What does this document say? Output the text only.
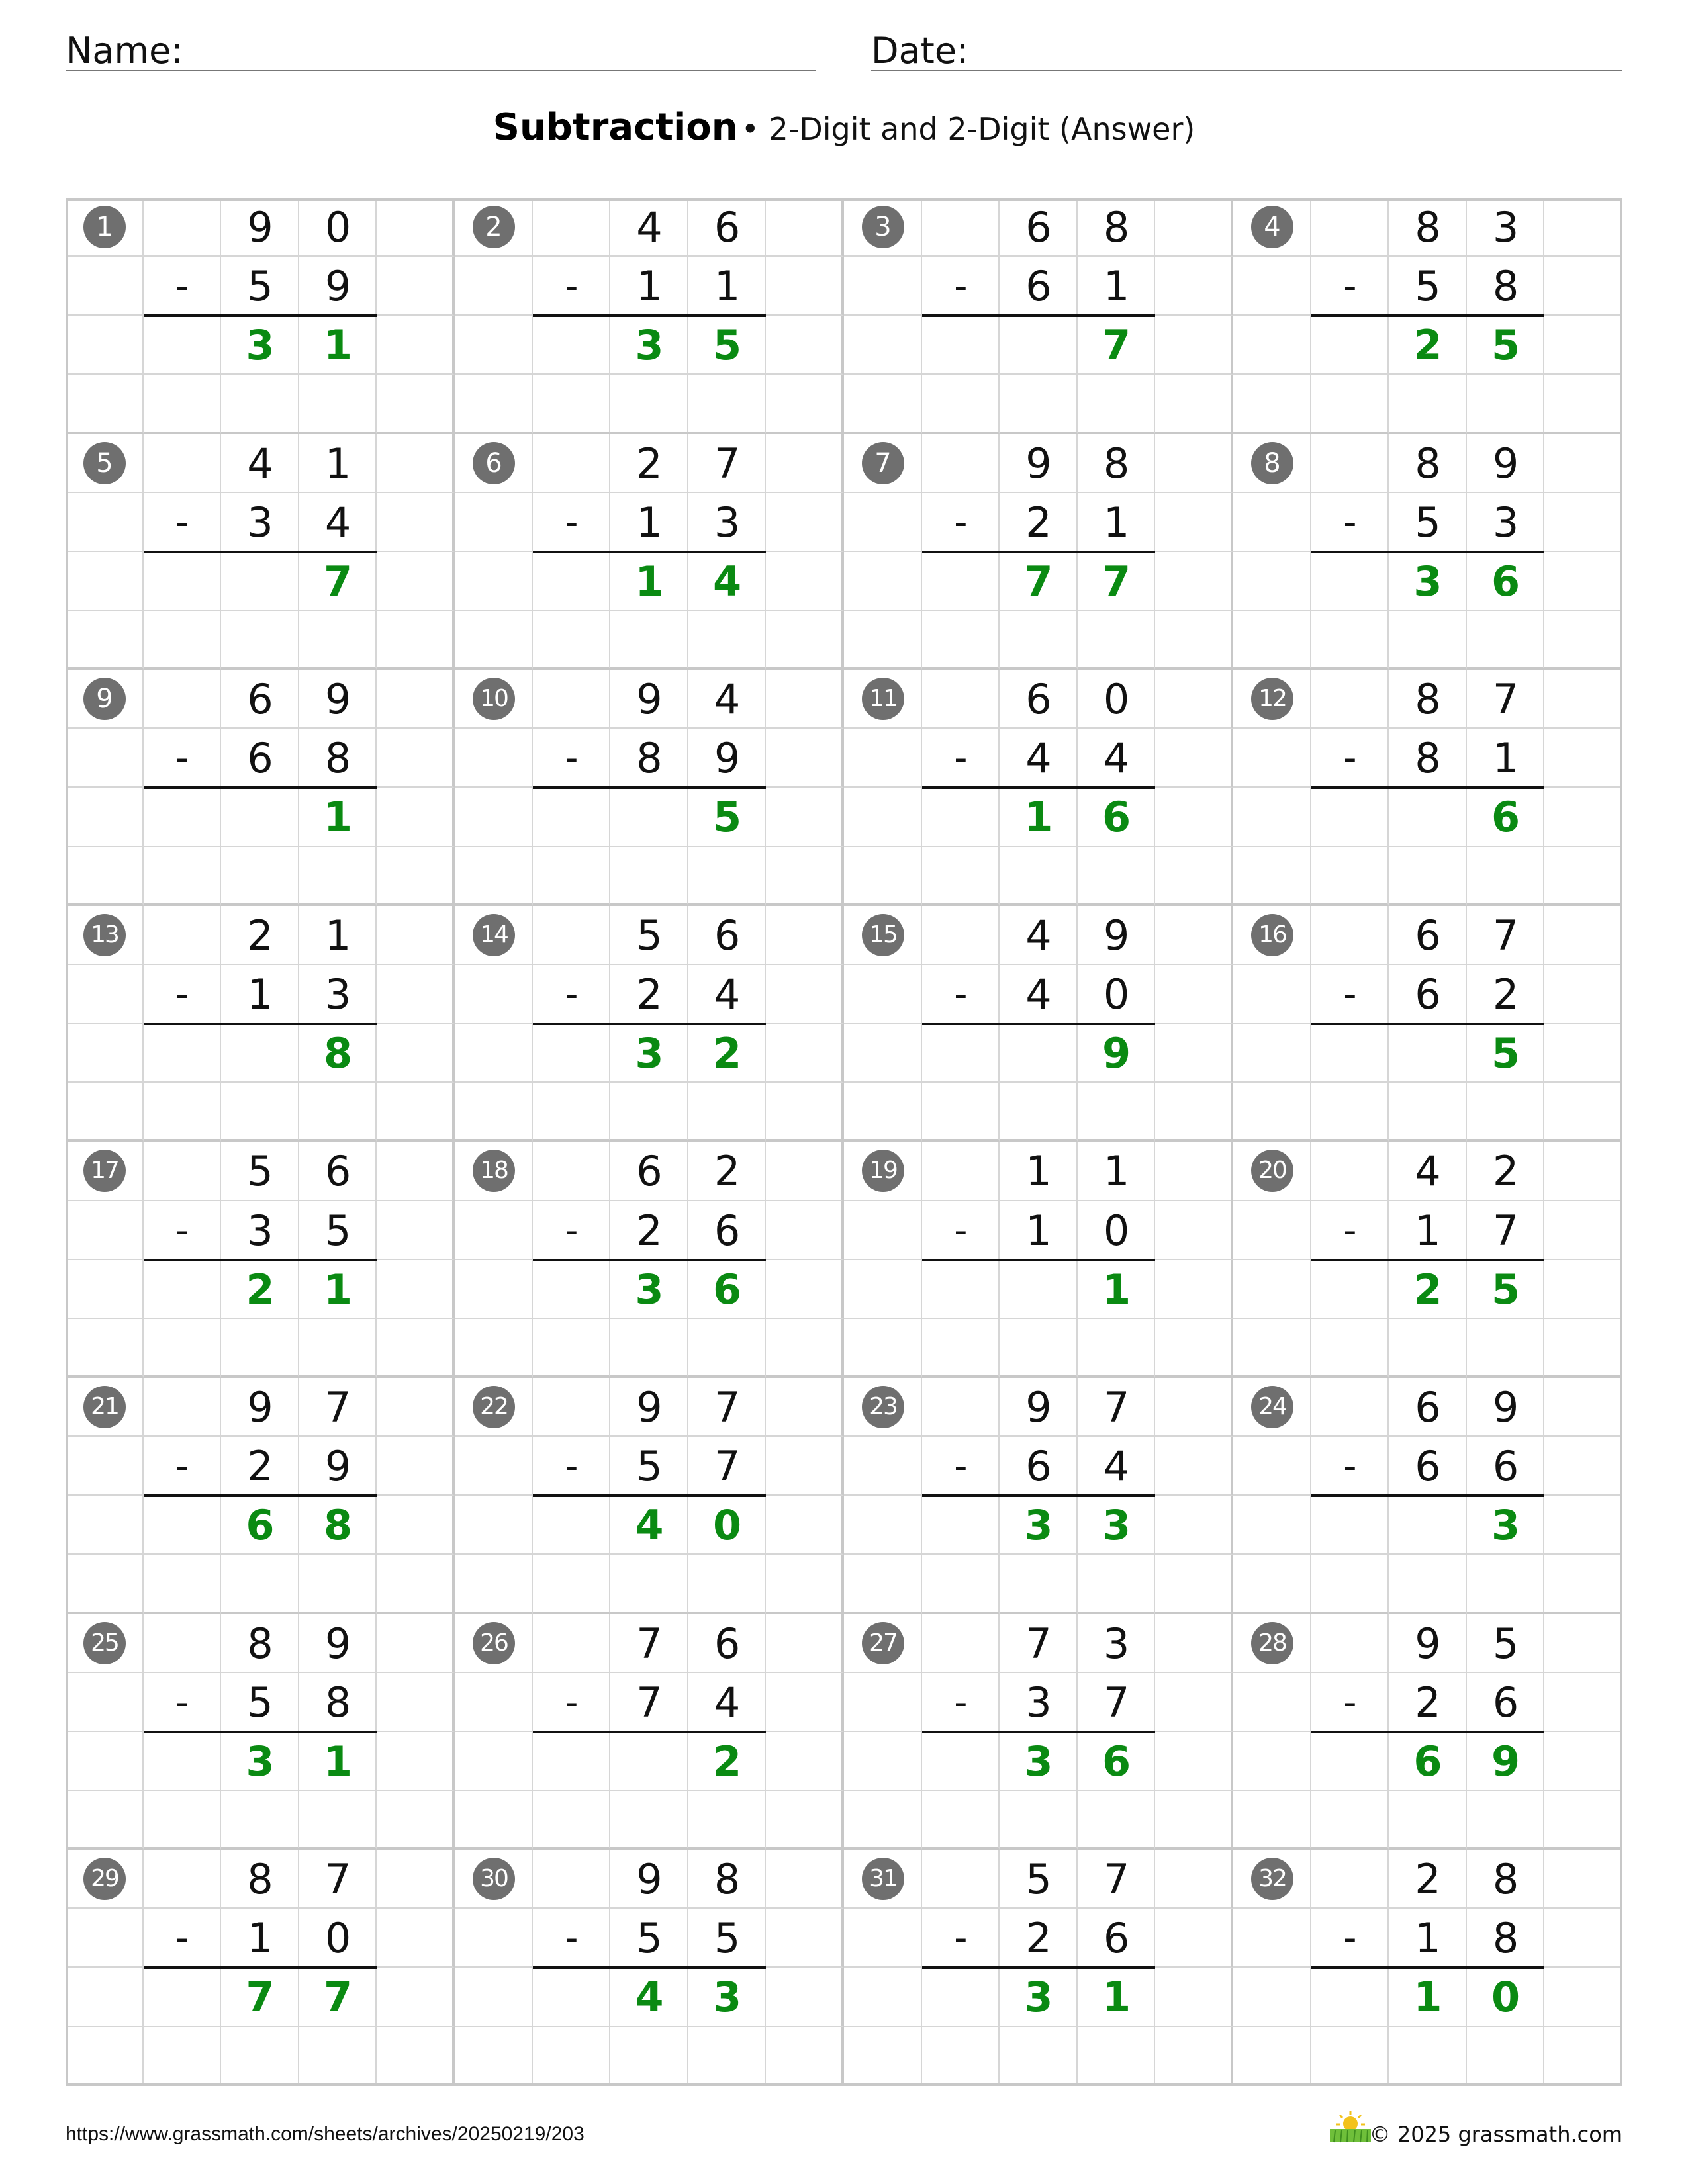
Name:	Date:
Subtraction • 2-Digit and 2-Digit (Answer)
1	9	0
-	5	9
3	1
2	4	6
-	1	1
3	5
3	6	8
-	6	1
7
4	8	3
-	5	8
2	5
5	4	1
-	3	4
7
6	2	7
-	1	3
1	4
7	9	8
-	2	1
7	7
8	8	9
-	5	3
3	6
9	6	9
-	6	8
1
10	9	4
-	8	9
5
11	6	0
-	4	4
1	6
12	8	7
-	8	1
6
13	2	1
-	1	3
8
14	5	6
-	2	4
3	2
15	4	9
-	4	0
9
16	6	7
-	6	2
5
17	5	6
-	3	5
2	1
18	6	2
-	2	6
3	6
19	1	1
-	1	0
1
20	4	2
-	1	7
2	5
21	9	7
-	2	9
6	8
22	9	7
-	5	7
4	0
23	9	7
-	6	4
3	3
24	6	9
-	6	6
3
25	8	9
-	5	8
3	1
26	7	6
-	7	4
2
27	7	3
-	3	7
3	6
28	9	5
-	2	6
6	9
29	8	7
-	1	0
7	7
30	9	8
-	5	5
4	3
31	5	7
-	2	6
3	1
32	2	8
-	1	8
1	0
https://www.grassmath.com/sheets/archives/20250219/203	© 2025 grassmath.com
